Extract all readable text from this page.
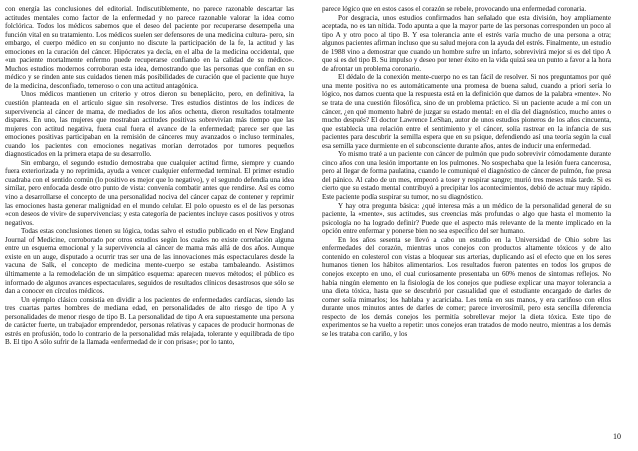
con energía las conclusiones del editorial. Indiscutiblemente, no parece razonable descartar las actitudes mentales como factor de la enfermedad y no parece razonable valorar la idea como folclórica. Todos los médicos sabemos que el deseo del paciente por recuperarse desempeña una función vital en su tratamiento. Los médicos suelen ser defensores de una medicina cultura- pero, sin embargo, el cuerpo médico en su conjunto no discute la participación de la fe, la actitud y las emociones en la curación del cáncer. Hipócrates ya decía, en el alba de la medicina occidental, que «un paciente mortalmente enfermo puede recuperarse confiando en la calidad de su médico». Muchos estudios modernos corroboran esta idea, demostrando que las personas que confían en su médico y se rinden ante sus cuidados tienen más posibilidades de curación que el paciente que huye de la medicina, desconfiado, temeroso o con una actitud antagónica.

Unos médicos mantienen un criterio y otros dieron su beneplácito, pero, en definitiva, la cuestión planteada en el artículo sigue sin resolverse. Tres estudios distintos de los índices de supervivencia al cáncer de mama, de mediados de los años ochenta, dieron resultados totalmente dispares. En uno, las mujeres que mostraban actitudes positivas sobrevivían más tiempo que las mujeres con actitud negativa, fuera cual fuera el avance de la enfermedad; parece ser que las emociones positivas participaban en la remisión de cánceres muy avanzados o incluso terminales, cuando los pacientes con emociones negativas morían derrotados por tumores pequeños diagnosticados en la primera etapa de su desarrollo.

Sin embargo, el segundo estudio demostraba que cualquier actitud firme, siempre y cuando fuera exteriorizada y no reprimida, ayuda a vencer cualquier enfermedad terminal. El primer estudio cuadraba con el sentido común (lo positivo es mejor que lo negativo), y el segundo defendía una idea similar, pero enfocada desde otro punto de vista: convenía combatir antes que rendirse. Así es como vino a desarrollarse el concepto de una personalidad nociva del cáncer capaz de contener y reprimir las emociones hasta generar malignidad en el mundo celular. El polo opuesto es el de las personas «con deseos de vivir» de supervivencias; y esta categoría de pacientes incluye casos positivos y otros negativos.

Todas estas conclusiones tienen su lógica, todas salvo el estudio publicado en el New England Journal of Medicine, corroborado por otros estudios según los cuales no existe correlación alguna entre un esquema emocional y la supervivencia al cáncer de mama más allá de dos años. Aunque existe en un auge, disputado a ocurrir tras ser una de las innovaciones más espectaculares desde la vacuna de Salk, el concepto de medicina mente-cuerpo se estaba tambaleando. Asistimos últimamente a la remodelación de un simpático esquema: aparecen nuevos métodos; el público es informado de algunos avances espectaculares, seguidos de resultados clínicos desastrosos que sólo se dan a conocer en círculos médicos.

Un ejemplo clásico consistía en dividir a los pacientes de enfermedades cardíacas, siendo las tres cuartas partes hombres de mediana edad, en personalidades de alto riesgo de tipo A y personalidades de menor riesgo de tipo B. La personalidad de tipo A era supuestamente una persona de carácter fuerte, un trabajador emprendedor, personas relativas y capaces de producir hormonas de estrés en profusión, todo lo contrario de la personalidad más relajada, tolerante y equilibrada de tipo B. El tipo A sólo sufrir de la llamada «enfermedad de ir con prisas»; por lo tanto,

parece lógico que en estos casos el corazón se rebele, provocando una enfermedad coronaria.

Por desgracia, unos estudios confirmados han señalado que esta división, hoy ampliamente aceptada, no es tan nítida. Todo apunta a que la mayor parte de las personas corresponden un poco al tipo A y otro poco al tipo B. Y esa tolerancia ante el estrés varía mucho de una persona a otra; algunos pacientes afirman incluso que su salud mejora con la ayuda del estrés. Finalmente, un estudio de 1988 vino a demostrar que cuando un hombre sufre un infarto, sobrevivirá mejor si es del tipo A que si es del tipo B. Su impulso y deseo por tener éxito en la vida quizá sea un punto a favor a la hora de afrontar un problema coronario.

El dédalo de la conexión mente-cuerpo no es tan fácil de resolver. Si nos preguntamos por qué una mente positiva no es automáticamente una promesa de buena salud, cuando a priori sería lo lógico, nos damos cuenta que la respuesta está en la definición que damos de la palabra «mente». No se trata de una cuestión filosófica, sino de un problema práctico. Si un paciente acude a mí con un cáncer, ¿en qué momento habré de juzgar su estado mental: en el día del diagnóstico, mucho antes o mucho después? El doctor Lawrence LeShan, autor de unos estudios pioneros de los años cincuenta, que establecía una relación entre el sentimiento y el cáncer, solía rastrear en la infancia de sus pacientes para descubrir la semilla espera que en su psique, defendiendo así una teoría según la cual esa semilla yace durmiente en el subconsciente durante años, antes de inducir una enfermedad.

Yo mismo traté a un paciente con cáncer de pulmón que pudo sobrevivir cómodamente durante cinco años con una lesión importante en los pulmones. No sospechaba que la lesión fuera cancerosa, pero al llegar de forma paulatina, cuando le comuniqué el diagnóstico de cáncer de pulmón, fue presa del pánico. Al cabo de un mes, empeoró a toser y respirar sangre; murió tres meses más tarde. Si es cierto que su estado mental contribuyó a precipitar los acontecimientos, debió de actuar muy rápido. Este paciente podía suspirar su tumor, no su diagnóstico.

Y hay otra pregunta básica: ¿qué interesa más a un médico de la personalidad general de su paciente, la «mente», sus actitudes, sus creencias más profundas o algo que hasta el momento la psicología no ha logrado definir? Puede que el aspecto más relevante de la mente implicado en la opción entre enfermar y ponerse bien no sea específico del ser humano.

En los años sesenta se llevó a cabo un estudio en la Universidad de Ohio sobre las enfermedades del corazón, mientras unos conejos con productos altamente tóxicos y de alto contenido en colesterol con vistas a bloquear sus arterias, duplicando así el efecto que en los seres humanos tienen los hábitos alimentarios. Los resultados fueron patentes en todos los grupos de conejos excepto en uno, el cual curiosamente presentaba un 60% menos de síntomas reflejos. No había ningún elemento en la fisiología de los conejos que pudiese explicar una mayor tolerancia a una dieta tóxica, hasta que se descubrió por casualidad que el estudiante encargado de darles de comer solía mimarlos; los hablaba y acariciaba. Les tenía en sus manos, y era cariñoso con ellos durante unos minutos antes de darles de comer; parece inverosímil, pero esta sencilla diferencia respecto de los demás conejos les permitía sobrellevar mejor la dieta tóxica. Este tipo de experimentos se ha vuelto a repetir: unos conejos eran tratados de modo neutro, mientras a los demás se les trataba con cariño, y los

10
